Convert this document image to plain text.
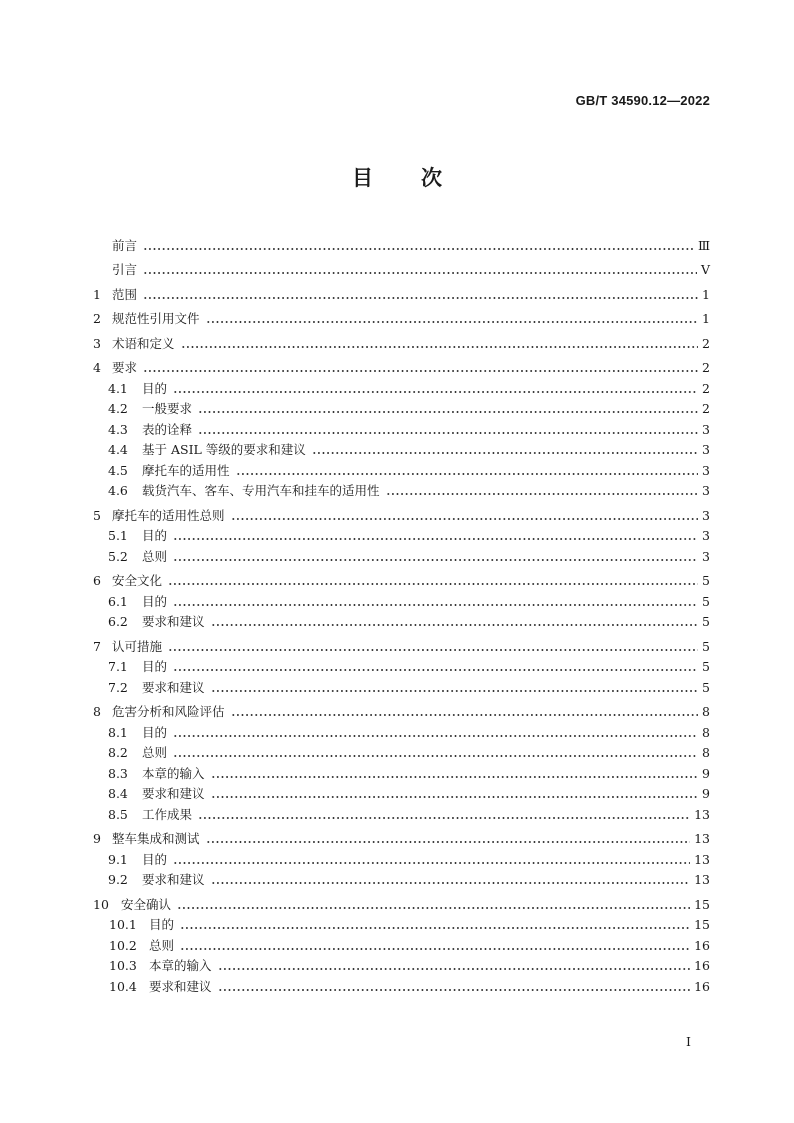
GB/T 34590.12—2022
目次
前言	Ⅲ
引言	Ⅴ
1 范围	1
2 规范性引用文件	1
3 术语和定义	2
4 要求	2
4.1	目的	2
4.2	一般要求	2
4.3	表的诠释	3
4.4	基于 ASIL 等级的要求和建议	3
4.5	摩托车的适用性	3
4.6	载货汽车、客车、专用汽车和挂车的适用性	3
5 摩托车的适用性总则	3
5.1	目的	3
5.2	总则	3
6 安全文化	5
6.1	目的	5
6.2	要求和建议	5
7 认可措施	5
7.1	目的	5
7.2	要求和建议	5
8 危害分析和风险评估	8
8.1	目的	8
8.2	总则	8
8.3	本章的输入	9
8.4	要求和建议	9
8.5	工作成果	13
9 整车集成和测试	13
9.1	目的	13
9.2	要求和建议	13
10 安全确认	15
10.1 目的	15
10.2 总则	16
10.3 本章的输入	16
10.4 要求和建议	16
I
